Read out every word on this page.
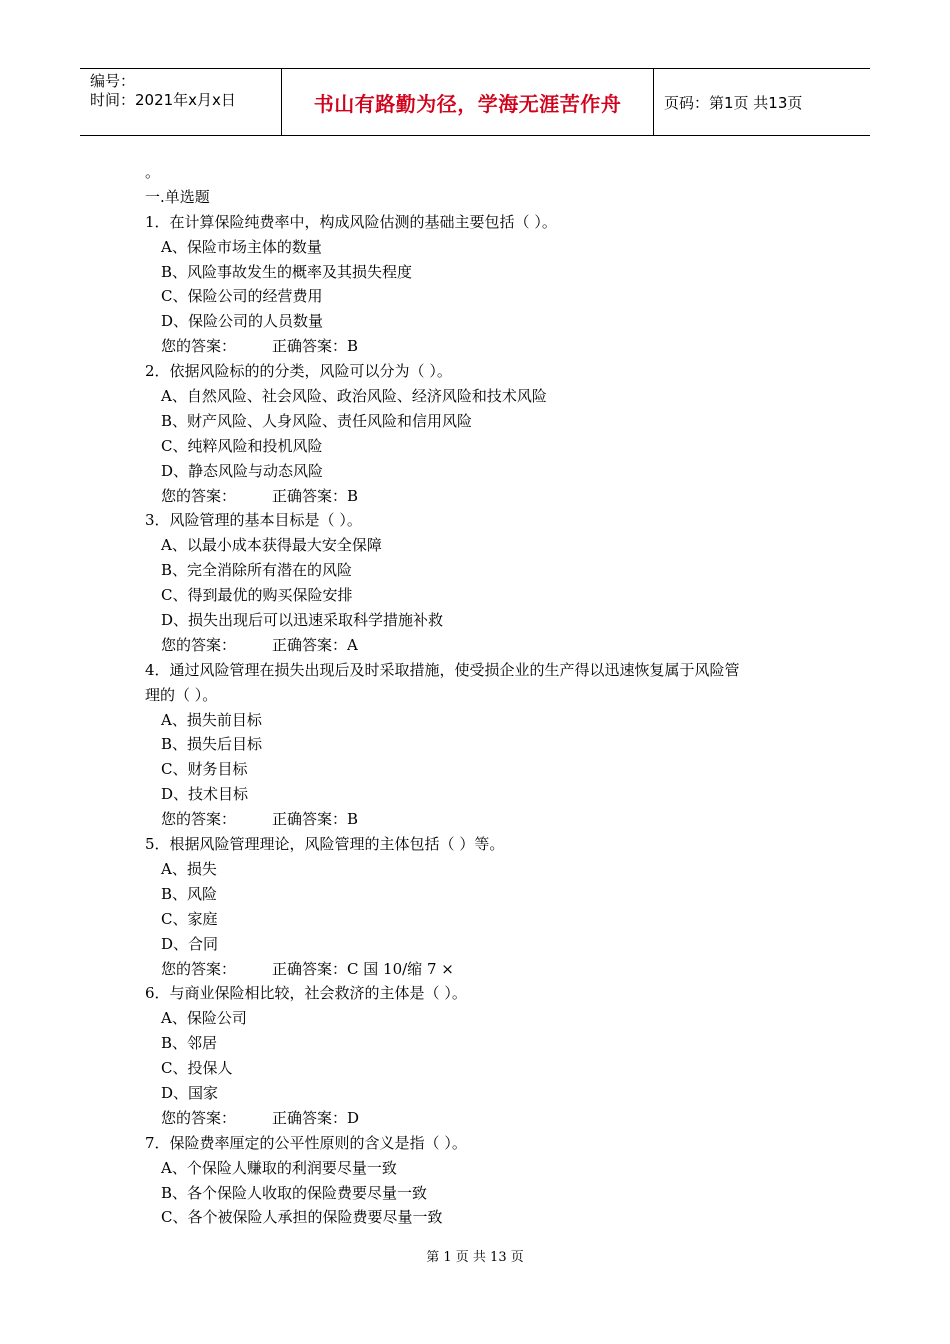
编号：
时间：2021年x月x日	书山有路勤为径，学海无涯苦作舟	页码：第1页 共13页
。
一.单选题
1．在计算保险纯费率中，构成风险估测的基础主要包括（ ）。
A、保险市场主体的数量
B、风险事故发生的概率及其损失程度
C、保险公司的经营费用
D、保险公司的人员数量
您的答案： 正确答案：B
2．依据风险标的的分类，风险可以分为（ ）。
A、自然风险、社会风险、政治风险、经济风险和技术风险
B、财产风险、人身风险、责任风险和信用风险
C、纯粹风险和投机风险
D、静态风险与动态风险
您的答案： 正确答案：B
3．风险管理的基本目标是（ ）。
A、以最小成本获得最大安全保障
B、完全消除所有潜在的风险
C、得到最优的购买保险安排
D、损失出现后可以迅速采取科学措施补救
您的答案： 正确答案：A
4．通过风险管理在损失出现后及时采取措施，使受损企业的生产得以迅速恢复属于风险管
理的（ ）。
A、损失前目标
B、损失后目标
C、财务目标
D、技术目标
您的答案： 正确答案：B
5．根据风险管理理论，风险管理的主体包括（ ）等。
A、损失
B、风险
C、家庭
D、合同
您的答案： 正确答案：C 国 10/缩 7 ×
6．与商业保险相比较，社会救济的主体是（ ）。
A、保险公司
B、邻居
C、投保人
D、国家
您的答案： 正确答案：D
7．保险费率厘定的公平性原则的含义是指（ ）。
A、个保险人赚取的利润要尽量一致
B、各个保险人收取的保险费要尽量一致
C、各个被保险人承担的保险费要尽量一致
第 1 页 共 13 页
